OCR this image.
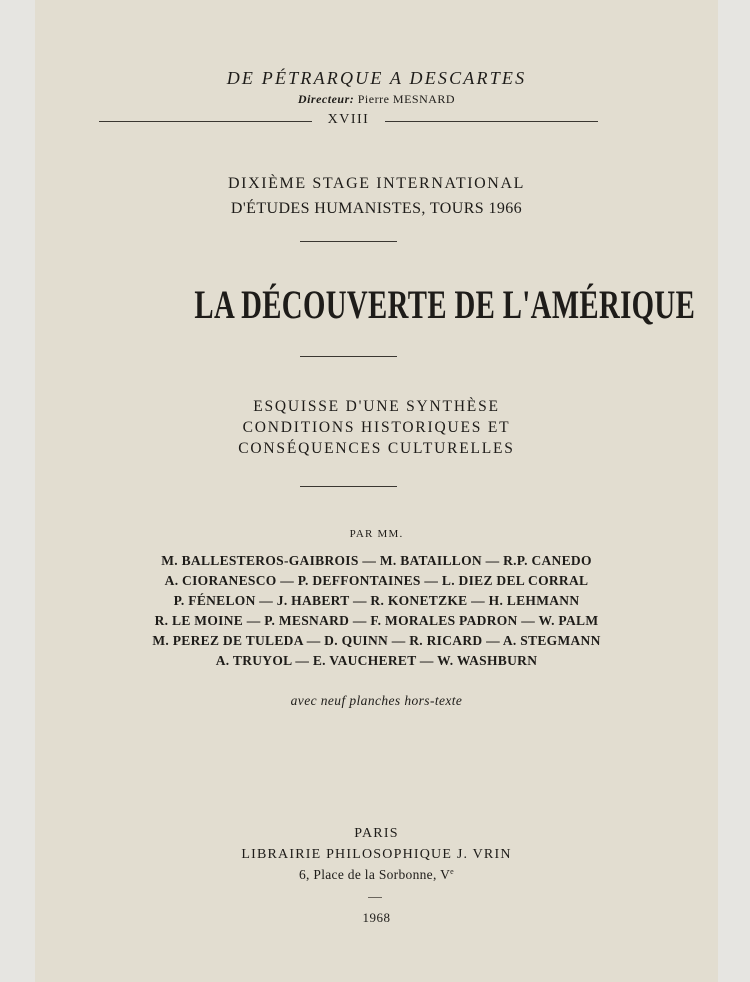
DE PÉTRARQUE A DESCARTES
Directeur: Pierre MESNARD
XVIII
DIXIÈME STAGE INTERNATIONAL
D'ÉTUDES HUMANISTES, TOURS 1966
LA DÉCOUVERTE DE L'AMÉRIQUE
ESQUISSE D'UNE SYNTHÈSE
CONDITIONS HISTORIQUES ET
CONSÉQUENCES CULTURELLES
PAR MM.
M. BALLESTEROS-GAIBROIS — M. BATAILLON — R.P. CANEDO
A. CIORANESCO — P. DEFFONTAINES — L. DIEZ DEL CORRAL
P. FÉNELON — J. HABERT — R. KONETZKE — H. LEHMANN
R. LE MOINE — P. MESNARD — F. MORALES PADRON — W. PALM
M. PEREZ DE TULEDA — D. QUINN — R. RICARD — A. STEGMANN
A. TRUYOL — E. VAUCHERET — W. WASHBURN
avec neuf planches hors-texte
PARIS
LIBRAIRIE PHILOSOPHIQUE J. VRIN
6, Place de la Sorbonne, Ve
1968
